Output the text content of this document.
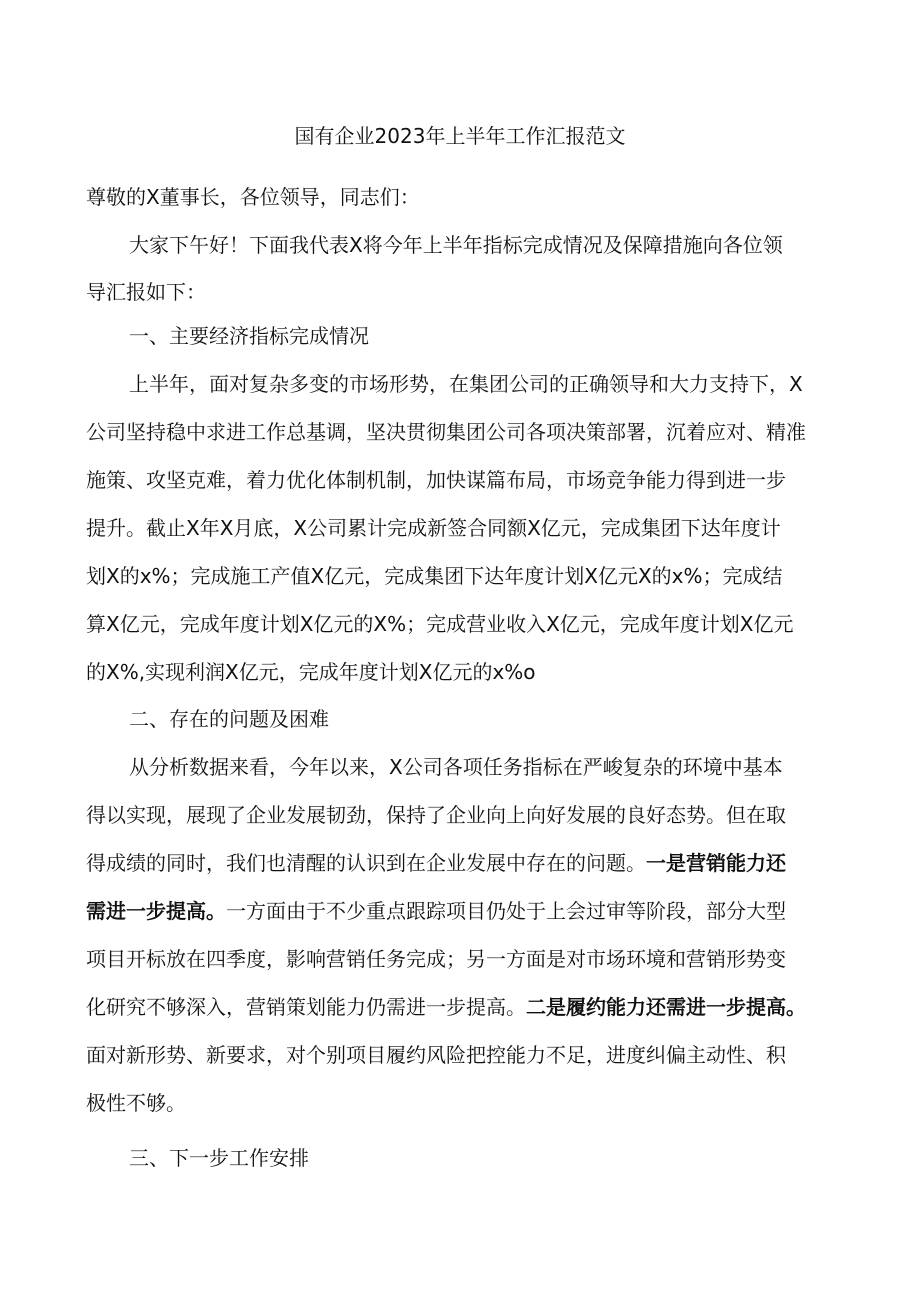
国有企业2023年上半年工作汇报范文
尊敬的X董事长，各位领导，同志们：
大家下午好！下面我代表X将今年上半年指标完成情况及保障措施向各位领
导汇报如下：
一、主要经济指标完成情况
上半年，面对复杂多变的市场形势，在集团公司的正确领导和大力支持下，X
公司坚持稳中求进工作总基调，坚决贯彻集团公司各项决策部署，沉着应对、精准
施策、攻坚克难，着力优化体制机制，加快谋篇布局，市场竞争能力得到进一步
提升。截止X年X月底，X公司累计完成新签合同额X亿元，完成集团下达年度计
划X的x%；完成施工产值X亿元，完成集团下达年度计划X亿元X的x%；完成结
算X亿元，完成年度计划X亿元的X%；完成营业收入X亿元，完成年度计划X亿元
的X%,实现利润X亿元，完成年度计划X亿元的x%o
二、存在的问题及困难
从分析数据来看，今年以来，X公司各项任务指标在严峻复杂的环境中基本
得以实现，展现了企业发展韧劲，保持了企业向上向好发展的良好态势。但在取
得成绩的同时，我们也清醒的认识到在企业发展中存在的问题。一是营销能力还
需进一步提高。一方面由于不少重点跟踪项目仍处于上会过审等阶段，部分大型
项目开标放在四季度，影响营销任务完成；另一方面是对市场环境和营销形势变
化研究不够深入，营销策划能力仍需进一步提高。二是履约能力还需进一步提高。
面对新形势、新要求，对个别项目履约风险把控能力不足，进度纠偏主动性、积
极性不够。
三、下一步工作安排
